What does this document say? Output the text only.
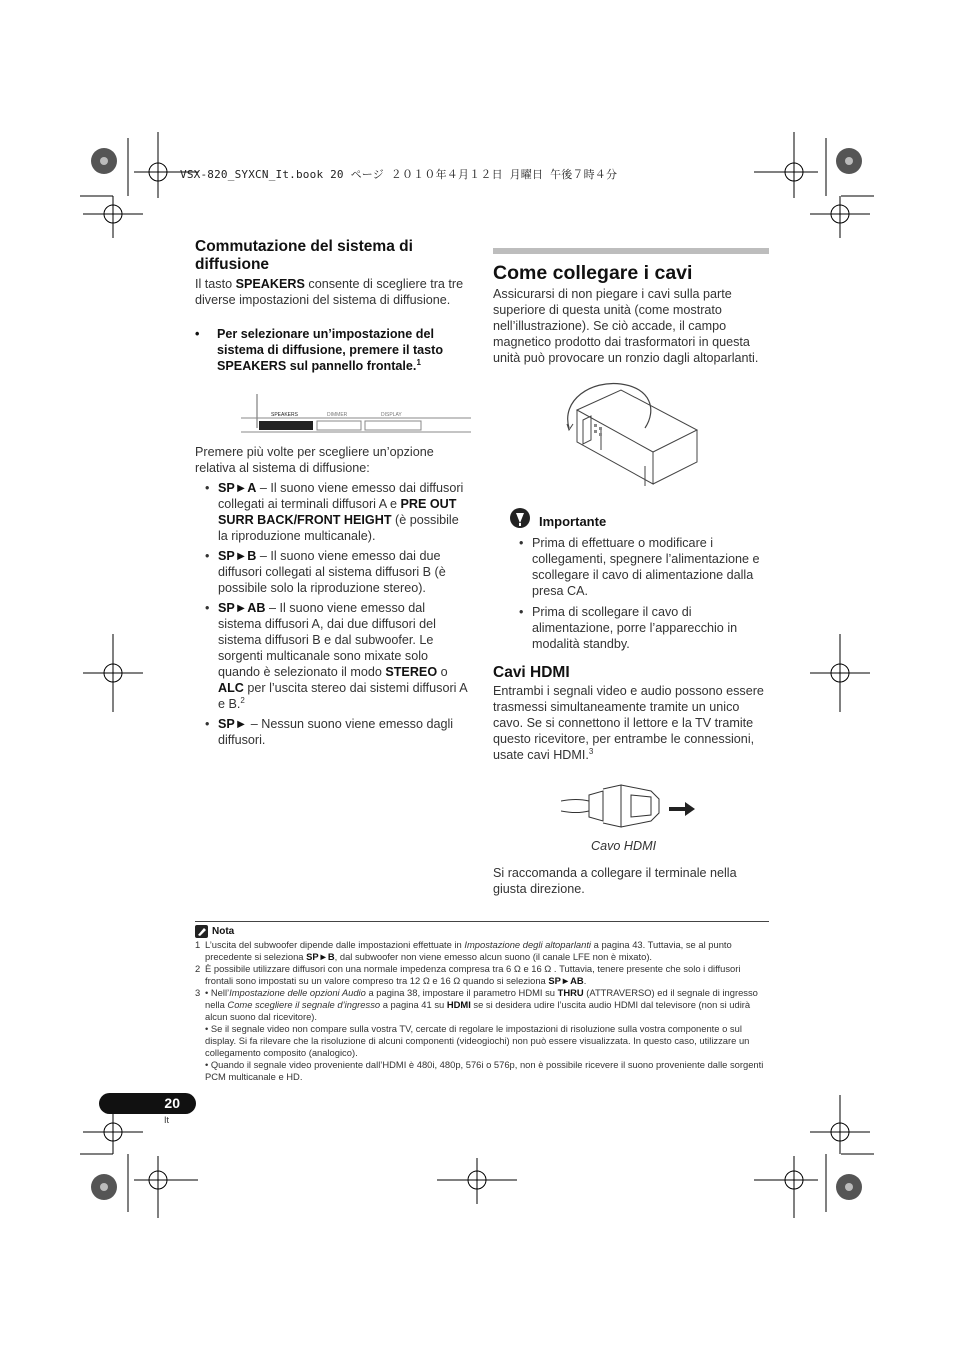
VSX-820_SYXCN_It.book 20 ページ ２０１０年４月１２日 月曜日 午後７時４分
Commutazione del sistema di diffusione

Il tasto SPEAKERS consente di scegliere tra tre diverse impostazioni del sistema di diffusione.

• Per selezionare un’impostazione del sistema di diffusione, premere il tasto SPEAKERS sul pannello frontale.$^1$
SPEAKERS	DIMMER	DISPLAY

Premere più volte per scegliere un’opzione relativa al sistema di diffusione:

• SP►A – Il suono viene emesso dai diffusori collegati ai terminali diffusori A e PRE OUT SURR BACK/FRONT HEIGHT (è possibile la riproduzione multicanale).
• SP►B – Il suono viene emesso dai due diffusori collegati al sistema diffusori B (è possibile solo la riproduzione stereo).
• SP►AB – Il suono viene emesso dal sistema diffusori A, dai due diffusori del sistema diffusori B e dal subwoofer. Le sorgenti multicanale sono mixate solo quando è selezionato il modo STEREO o ALC per l’uscita stereo dai sistemi diffusori A e B.$^2$
• SP► – Nessun suono viene emesso dagli diffusori.
Come collegare i cavi

Assicurarsi di non piegare i cavi sulla parte superiore di questa unità (come mostrato nell’illustrazione). Se ciò accade, il campo magnetico prodotto dai trasformatori in questa unità può provocare un ronzio dagli altoparlanti.

Importante
• Prima di effettuare o modificare i collegamenti, spegnere l’alimentazione e scollegare il cavo di alimentazione dalla presa CA.
• Prima di scollegare il cavo di alimentazione, porre l’apparecchio in modalità standby.
Cavi HDMI

Entrambi i segnali video e audio possono essere trasmessi simultaneamente tramite un unico cavo. Se si connettono il lettore e la TV tramite questo ricevitore, per entrambe le connessioni, usate cavi HDMI.$^3$

Cavo HDMI

Si raccomanda a collegare il terminale nella giusta direzione.

Nota
1 L’uscita del subwoofer dipende dalle impostazioni effettuate in Impostazione degli altoparlanti a pagina 43. Tuttavia, se al punto precedente si seleziona SP►B, dal subwoofer non viene emesso alcun suono (il canale LFE non è mixato).
2 È possibile utilizzare diffusori con una normale impedenza compresa tra 6 Ω e 16 Ω . Tuttavia, tenere presente che solo i diffusori frontali sono impostati su un valore compreso tra 12 Ω e 16 Ω quando si seleziona SP►AB.
3 • Nell’Impostazione delle opzioni Audio a pagina 38, impostare il parametro HDMI su THRU (ATTRAVERSO) ed il segnale di ingresso nella Come scegliere il segnale d’ingresso a pagina 41 su HDMI se si desidera udire l’uscita audio HDMI dal televisore (non si udirà alcun suono dal ricevitore).
• Se il segnale video non compare sulla vostra TV, cercate di regolare le impostazioni di risoluzione sulla vostra componente o sul display. Si fa rilevare che la risoluzione di alcuni componenti (videogiochi) non può essere visualizzata. In questo caso, utilizzare un collegamento composito (analogico).
• Quando il segnale video proveniente dall’HDMI è 480i, 480p, 576i o 576p, non è possibile ricevere il suono proveniente dalle sorgenti PCM multicanale e HD.
20
It
